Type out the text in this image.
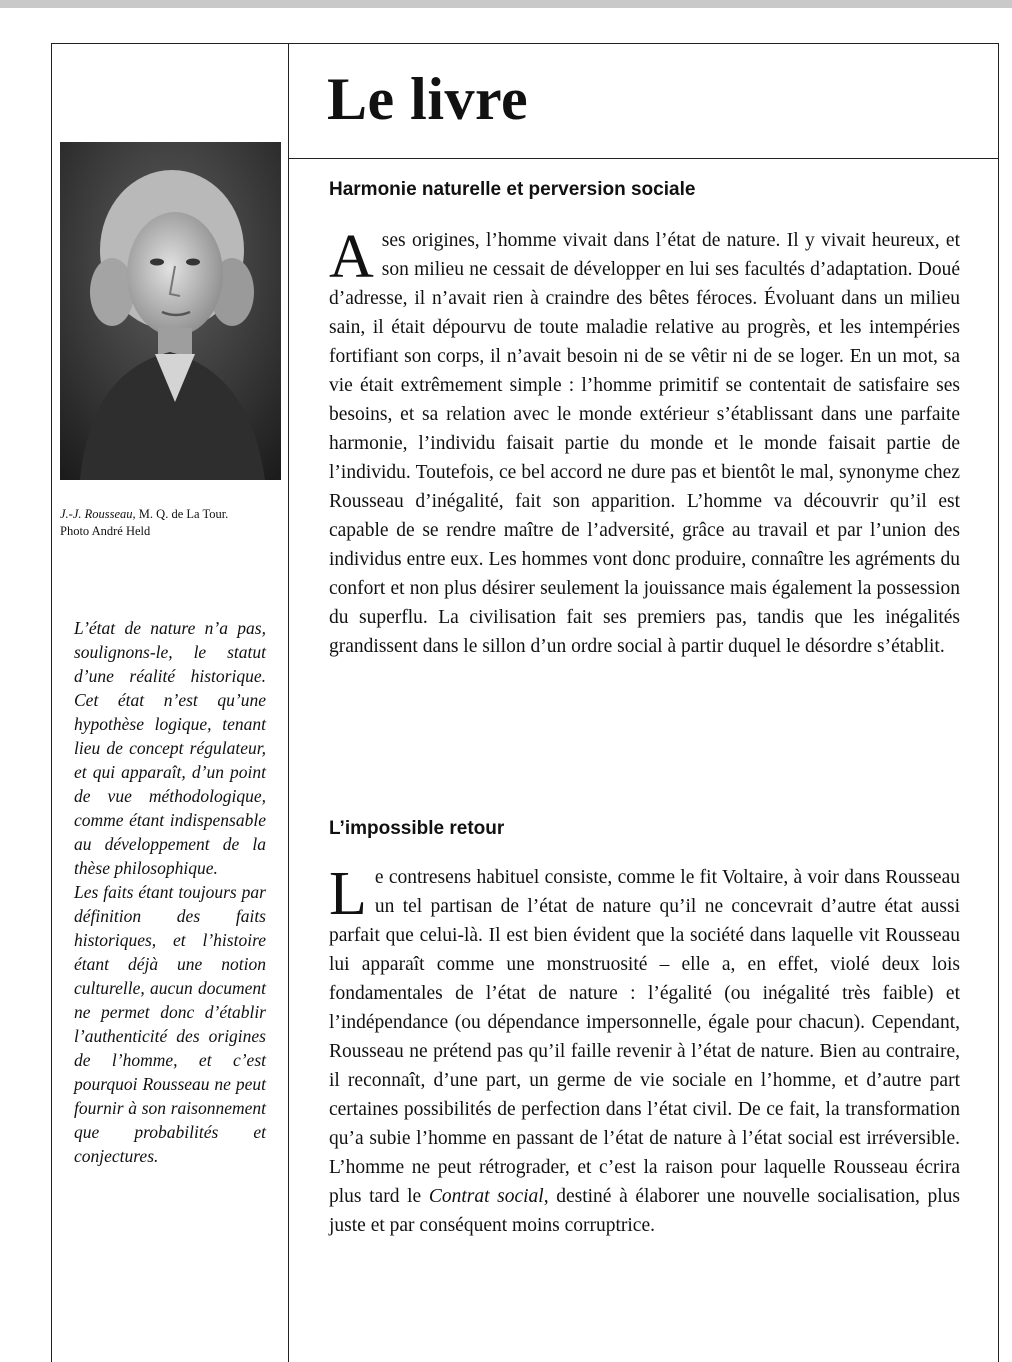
Le livre
J.-J. Rousseau, M. Q. de La Tour.
Photo André Held

L’état de nature n’a pas, soulignons-le, le statut d’une réalité historique. Cet état n’est qu’une hypothèse logique, tenant lieu de concept régulateur, et qui apparaît, d’un point de vue méthodologique, comme étant indispensable au développement de la thèse philosophique.

Les faits étant toujours par définition des faits historiques, et l’histoire étant déjà une notion culturelle, aucun document ne permet donc d’établir l’authenticité des origines de l’homme, et c’est pourquoi Rousseau ne peut fournir à son raisonnement que probabilités et conjectures.

Harmonie naturelle et perversion sociale

Ases origines, l’homme vivait dans l’état de nature. Il y vivait heureux, et son milieu ne cessait de développer en lui ses facultés d’adaptation. Doué d’adresse, il n’avait rien à craindre des bêtes féroces. Évoluant dans un milieu sain, il était dépourvu de toute maladie relative au progrès, et les intempéries fortifiant son corps, il n’avait besoin ni de se vêtir ni de se loger. En un mot, sa vie était extrêmement simple : l’homme primitif se contentait de satisfaire ses besoins, et sa relation avec le monde extérieur s’établissant dans une parfaite harmonie, l’individu faisait partie du monde et le monde faisait partie de l’individu. Toutefois, ce bel accord ne dure pas et bientôt le mal, synonyme chez Rousseau d’inégalité, fait son apparition. L’homme va découvrir qu’il est capable de se rendre maître de l’adversité, grâce au travail et par l’union des individus entre eux. Les hommes vont donc produire, connaître les agréments du confort et non plus désirer seulement la jouissance mais également la possession du superflu. La civilisation fait ses premiers pas, tandis que les inégalités grandissent dans le sillon d’un ordre social à partir duquel le désordre s’établit.

L’impossible retour

Le contresens habituel consiste, comme le fit Voltaire, à voir dans Rousseau un tel partisan de l’état de nature qu’il ne concevrait d’autre état aussi parfait que celui-là. Il est bien évident que la société dans laquelle vit Rousseau lui apparaît comme une monstruosité – elle a, en effet, violé deux lois fondamentales de l’état de nature : l’égalité (ou inégalité très faible) et l’indépendance (ou dépendance impersonnelle, égale pour chacun). Cependant, Rousseau ne prétend pas qu’il faille revenir à l’état de nature. Bien au contraire, il reconnaît, d’une part, un germe de vie sociale en l’homme, et d’autre part certaines possibilités de perfection dans l’état civil. De ce fait, la transformation qu’a subie l’homme en passant de l’état de nature à l’état social est irréversible. L’homme ne peut rétrograder, et c’est la raison pour laquelle Rousseau écrira plus tard le Contrat social, destiné à élaborer une nouvelle socialisation, plus juste et par conséquent moins corruptrice.
